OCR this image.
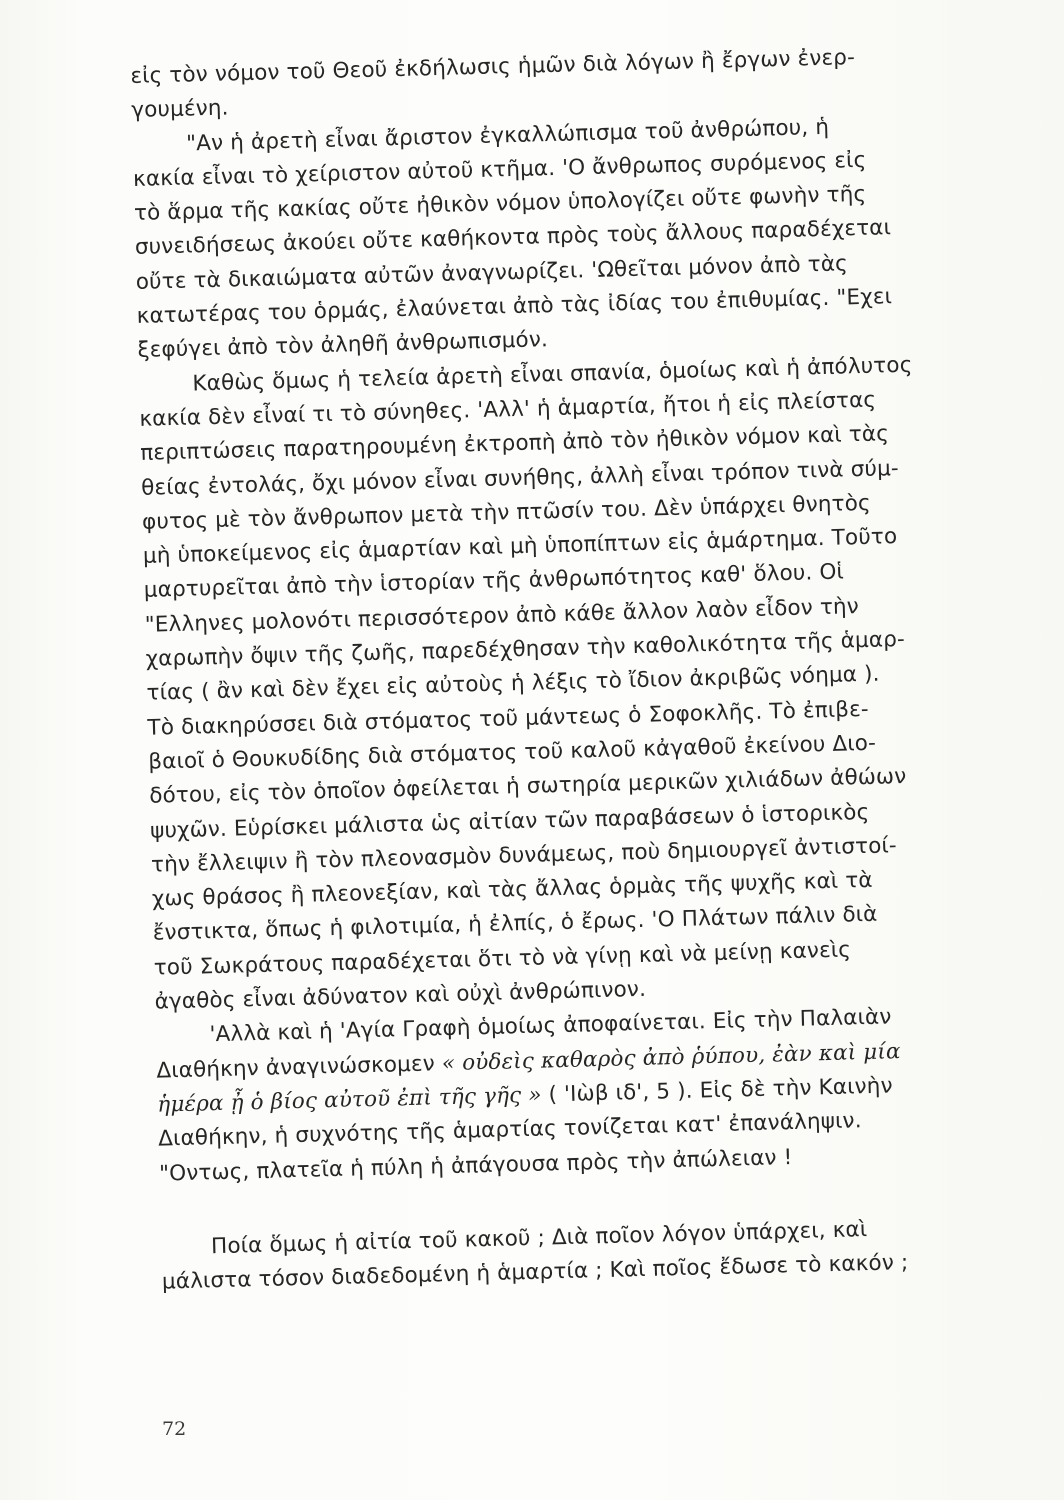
εἰς τὸν νόμον τοῦ Θεοῦ ἐκδήλωσις ἡμῶν διὰ λόγων ἢ ἔργων ἐνερ-
γουμένη.
"Αν ἡ ἀρετὴ εἶναι ἄριστον ἐγκαλλώπισμα τοῦ ἀνθρώπου, ἡ
κακία εἶναι τὸ χείριστον αὐτοῦ κτῆμα. 'Ο ἄνθρωπος συρόμενος εἰς
τὸ ἅρμα τῆς κακίας οὔτε ἠθικὸν νόμον ὑπολογίζει οὔτε φωνὴν τῆς
συνειδήσεως ἀκούει οὔτε καθήκοντα πρὸς τοὺς ἄλλους παραδέχεται
οὔτε τὰ δικαιώματα αὐτῶν ἀναγνωρίζει. 'Ωθεῖται μόνον ἀπὸ τὰς
κατωτέρας του ὁρμάς, ἐλαύνεται ἀπὸ τὰς ἰδίας του ἐπιθυμίας. "Εχει
ξεφύγει ἀπὸ τὸν ἀληθῆ ἀνθρωπισμόν.
Καθὼς ὅμως ἡ τελεία ἀρετὴ εἶναι σπανία, ὁμοίως καὶ ἡ ἀπόλυτος
κακία δὲν εἶναί τι τὸ σύνηθες. 'Αλλ' ἡ ἁμαρτία, ἤτοι ἡ εἰς πλείστας
περιπτώσεις παρατηρουμένη ἐκτροπὴ ἀπὸ τὸν ἠθικὸν νόμον καὶ τὰς
θείας ἐντολάς, ὄχι μόνον εἶναι συνήθης, ἀλλὴ εἶναι τρόπον τινὰ σύμ-
φυτος μὲ τὸν ἄνθρωπον μετὰ τὴν πτῶσίν του. Δὲν ὑπάρχει θνητὸς
μὴ ὑποκείμενος εἰς ἁμαρτίαν καὶ μὴ ὑποπίπτων εἰς ἁμάρτημα. Τοῦτο
μαρτυρεῖται ἀπὸ τὴν ἱστορίαν τῆς ἀνθρωπότητος καθ' ὅλου. Οἱ
"Ελληνες μολονότι περισσότερον ἀπὸ κάθε ἄλλον λαὸν εἶδον τὴν
χαρωπὴν ὄψιν τῆς ζωῆς, παρεδέχθησαν τὴν καθολικότητα τῆς ἁμαρ-
τίας ( ἂν καὶ δὲν ἔχει εἰς αὐτοὺς ἡ λέξις τὸ ἴδιον ἀκριβῶς νόημα ).
Τὸ διακηρύσσει διὰ στόματος τοῦ μάντεως ὁ Σοφοκλῆς. Τὸ ἐπιβε-
βαιοῖ ὁ Θουκυδίδης διὰ στόματος τοῦ καλοῦ κἀγαθοῦ ἐκείνου Διο-
δότου, εἰς τὸν ὁποῖον ὀφείλεται ἡ σωτηρία μερικῶν χιλιάδων ἀθώων
ψυχῶν. Εὑρίσκει μάλιστα ὡς αἰτίαν τῶν παραβάσεων ὁ ἱστορικὸς
τὴν ἔλλειψιν ἢ τὸν πλεονασμὸν δυνάμεως, ποὺ δημιουργεῖ ἀντιστοί-
χως θράσος ἢ πλεονεξίαν, καὶ τὰς ἄλλας ὁρμὰς τῆς ψυχῆς καὶ τὰ
ἔνστικτα, ὅπως ἡ φιλοτιμία, ἡ ἐλπίς, ὁ ἔρως. 'Ο Πλάτων πάλιν διὰ
τοῦ Σωκράτους παραδέχεται ὅτι τὸ νὰ γίνῃ καὶ νὰ μείνῃ κανεὶς
ἀγαθὸς εἶναι ἀδύνατον καὶ οὐχὶ ἀνθρώπινον.
'Αλλὰ καὶ ἡ 'Αγία Γραφὴ ὁμοίως ἀποφαίνεται. Εἰς τὴν Παλαιὰν
Διαθήκην ἀναγινώσκομεν « οὐδεὶς καθαρὸς ἀπὸ ῥύπου, ἐὰν καὶ μία
ἡμέρα ᾖ ὁ βίος αὐτοῦ ἐπὶ τῆς γῆς » ( 'Ιὼβ ιδ', 5 ). Εἰς δὲ τὴν Καινὴν
Διαθήκην, ἡ συχνότης τῆς ἁμαρτίας τονίζεται κατ' ἐπανάληψιν.
"Οντως, πλατεῖα ἡ πύλη ἡ ἀπάγουσα πρὸς τὴν ἀπώλειαν !
Ποία ὅμως ἡ αἰτία τοῦ κακοῦ ; Διὰ ποῖον λόγον ὑπάρχει, καὶ
μάλιστα τόσον διαδεδομένη ἡ ἁμαρτία ; Καὶ ποῖος ἔδωσε τὸ κακόν ;
72
